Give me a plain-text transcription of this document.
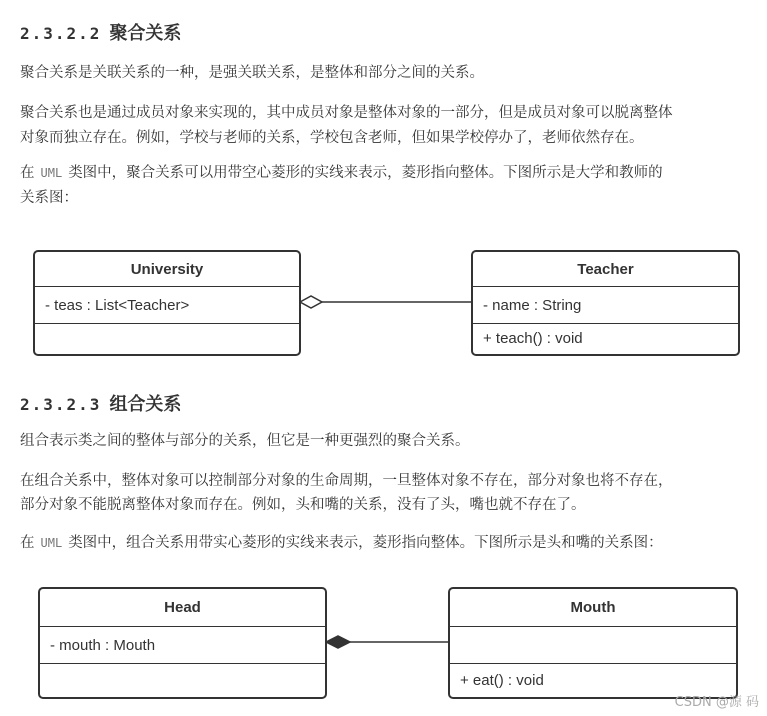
2.3.2.2 聚合关系

聚合关系是关联关系的一种，是强关联关系，是整体和部分之间的关系。

聚合关系也是通过成员对象来实现的，其中成员对象是整体对象的一部分，但是成员对象可以脱离整体

对象而独立存在。例如，学校与老师的关系，学校包含老师，但如果学校停办了，老师依然存在。

在 UML 类图中，聚合关系可以用带空心菱形的实线来表示，菱形指向整体。下图所示是大学和教师的

关系图：

University
- teas : List<Teacher>
Teacher
- name : String
+ teach() : void
2.3.2.3 组合关系

组合表示类之间的整体与部分的关系，但它是一种更强烈的聚合关系。

在组合关系中，整体对象可以控制部分对象的生命周期，一旦整体对象不存在，部分对象也将不存在，

部分对象不能脱离整体对象而存在。例如，头和嘴的关系，没有了头，嘴也就不存在了。

在 UML 类图中，组合关系用带实心菱形的实线来表示，菱形指向整体。下图所示是头和嘴的关系图：

Head
- mouth : Mouth
Mouth
+ eat() : void
CSDN @源 码
